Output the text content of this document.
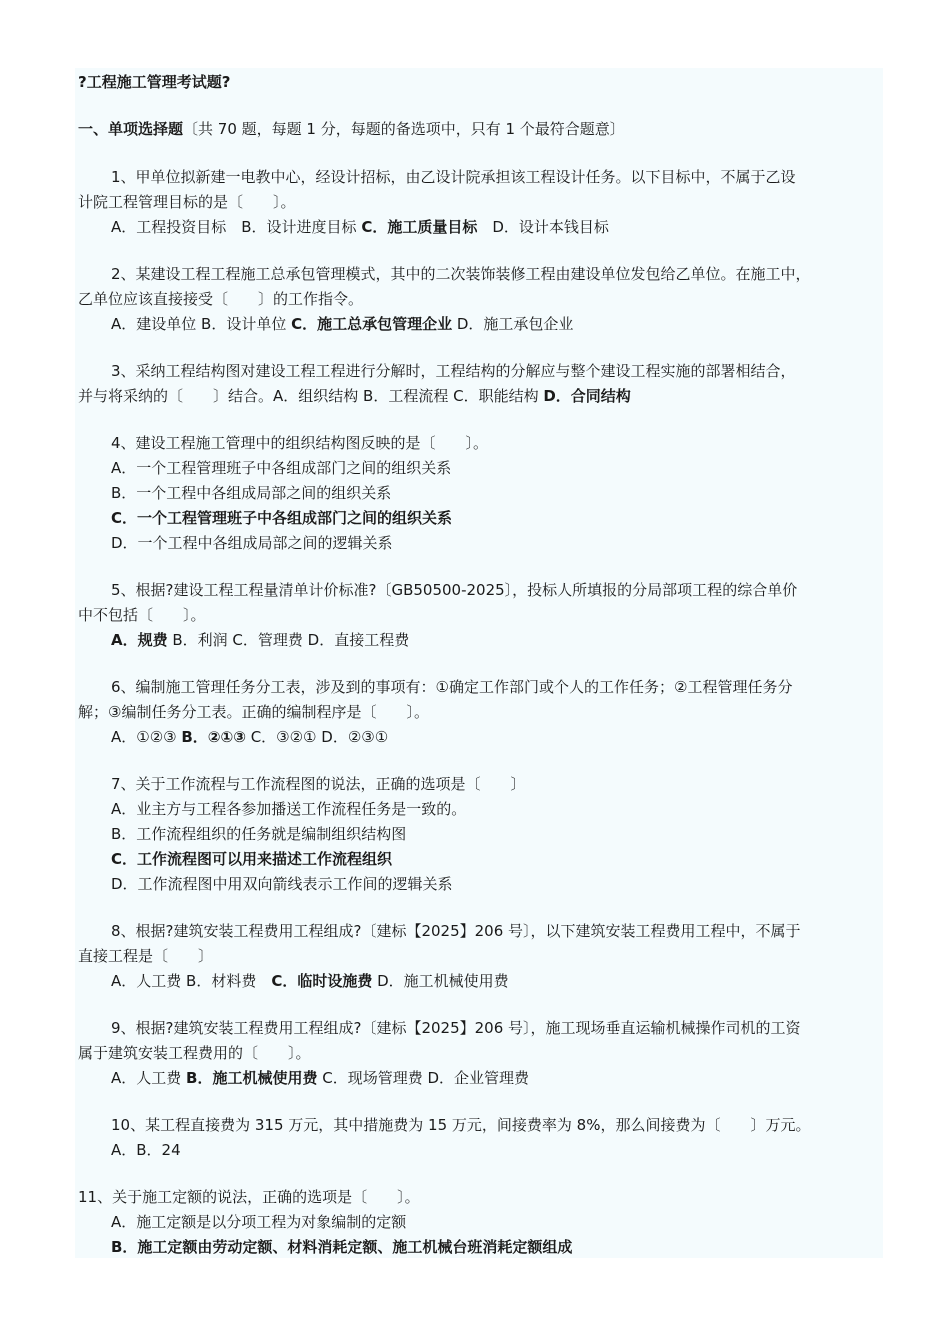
?工程施工管理考试题?
一、单项选择题〔共 70 题，每题 1 分，每题的备选项中，只有 1 个最符合题意〕
1、甲单位拟新建一电教中心，经设计招标，由乙设计院承担该工程设计任务。以下目标中，不属于乙设
计院工程管理目标的是〔　　〕。
A．工程投资目标　B．设计进度目标 C．施工质量目标　D．设计本钱目标
2、某建设工程工程施工总承包管理模式，其中的二次装饰装修工程由建设单位发包给乙单位。在施工中，
乙单位应该直接接受〔　　〕的工作指令。
A．建设单位 B．设计单位 C．施工总承包管理企业 D．施工承包企业
3、采纳工程结构图对建设工程工程进行分解时，工程结构的分解应与整个建设工程实施的部署相结合，
并与将采纳的〔　　〕结合。A．组织结构 B．工程流程 C．职能结构 D．合同结构
4、建设工程施工管理中的组织结构图反映的是〔　　〕。
A．一个工程管理班子中各组成部门之间的组织关系
B．一个工程中各组成局部之间的组织关系
C．一个工程管理班子中各组成部门之间的组织关系
D．一个工程中各组成局部之间的逻辑关系
5、根据?建设工程工程量清单计价标准?〔GB50500-2025〕，投标人所填报的分局部项工程的综合单价
中不包括〔　　〕。
A．规费 B．利润 C．管理费 D．直接工程费
6、编制施工管理任务分工表，涉及到的事项有：①确定工作部门或个人的工作任务；②工程管理任务分
解；③编制任务分工表。正确的编制程序是〔　　〕。
A．①②③ B．②①③ C．③②① D．②③①
7、关于工作流程与工作流程图的说法，正确的选项是〔　　〕
A．业主方与工程各参加播送工作流程任务是一致的。
B．工作流程组织的任务就是编制组织结构图
C．工作流程图可以用来描述工作流程组织
D．工作流程图中用双向箭线表示工作间的逻辑关系
8、根据?建筑安装工程费用工程组成?〔建标【2025】206 号〕，以下建筑安装工程费用工程中，不属于
直接工程是〔　　〕
A．人工费 B．材料费　C．临时设施费 D．施工机械使用费
9、根据?建筑安装工程费用工程组成?〔建标【2025】206 号〕，施工现场垂直运输机械操作司机的工资
属于建筑安装工程费用的〔　　〕。
A．人工费 B．施工机械使用费 C．现场管理费 D．企业管理费
10、某工程直接费为 315 万元，其中措施费为 15 万元，间接费率为 8%，那么间接费为〔　　〕万元。
A．B．24
11、关于施工定额的说法，正确的选项是〔　　〕。
A．施工定额是以分项工程为对象编制的定额
B．施工定额由劳动定额、材料消耗定额、施工机械台班消耗定额组成
